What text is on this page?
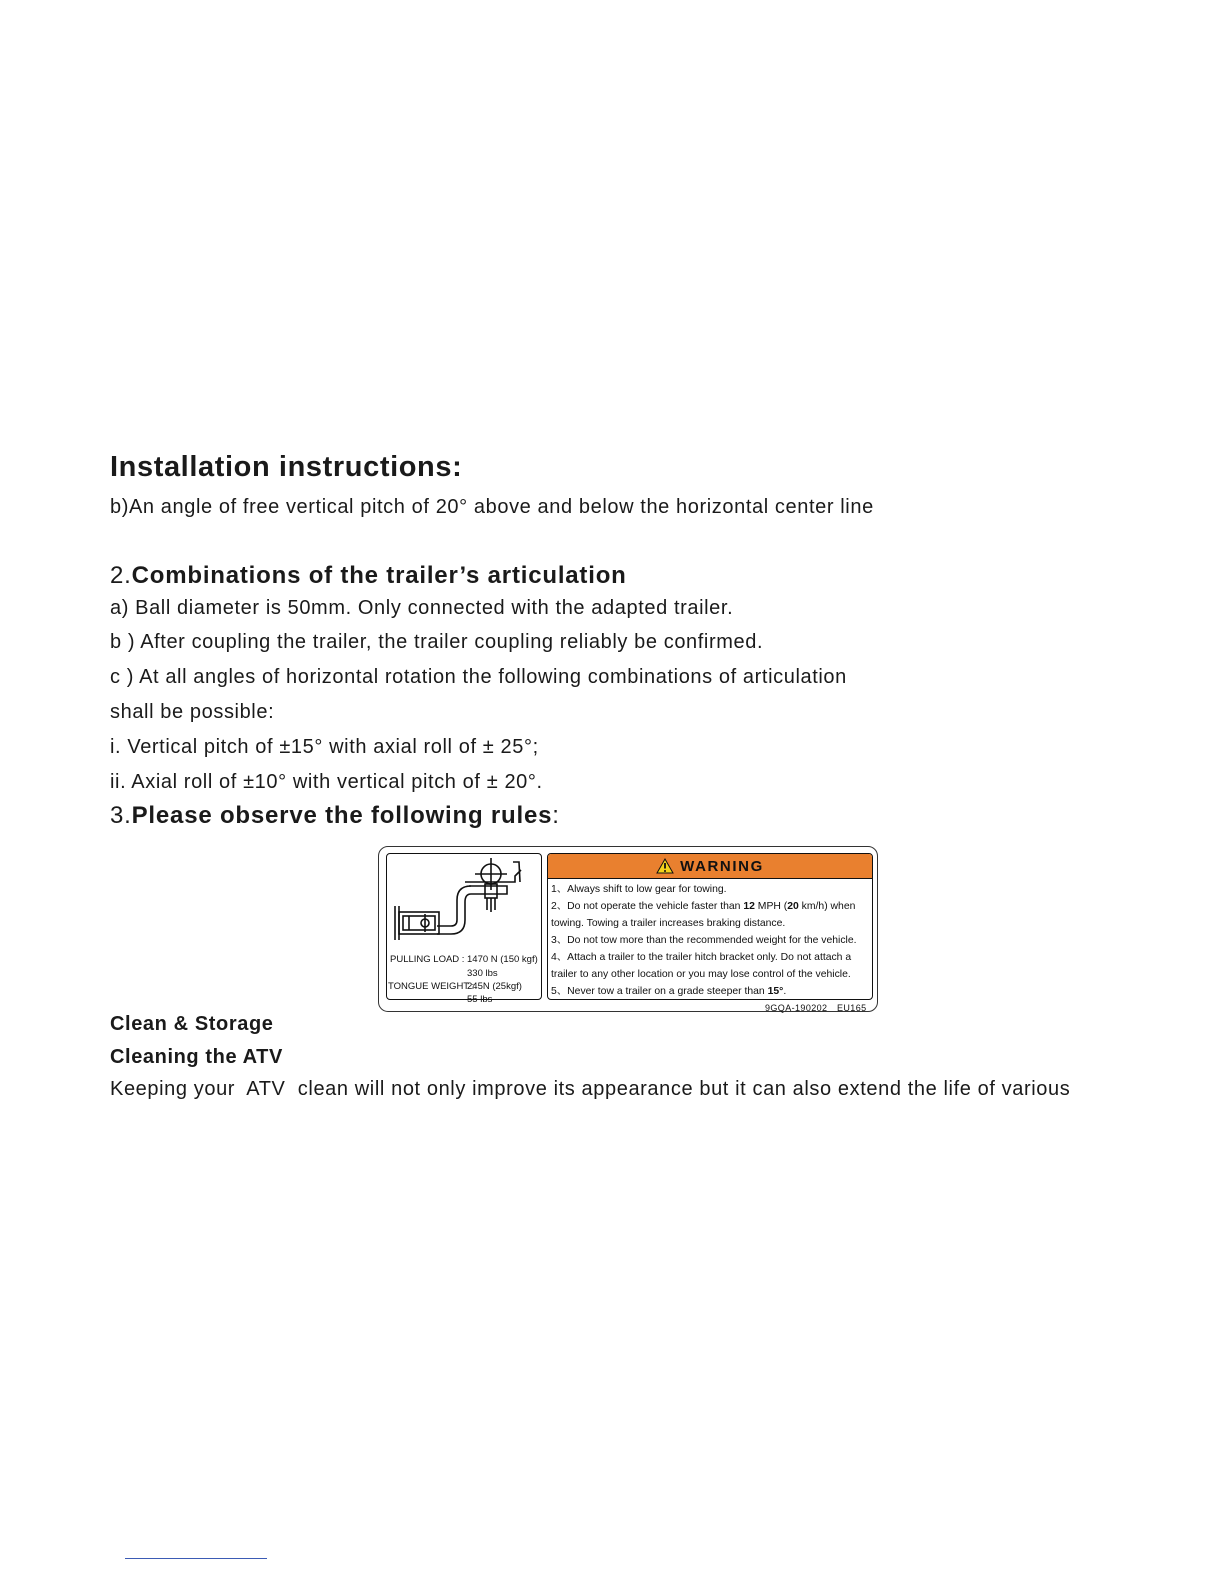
Installation instructions:
b)An angle of free vertical pitch of 20° above and below the horizontal center line
2.Combinations of the trailer’s articulation
a) Ball diameter is 50mm. Only connected with the adapted trailer.
b ) After coupling the trailer, the trailer coupling reliably be confirmed.
c ) At all angles of horizontal rotation the following combinations of articulation
shall be possible:
i. Vertical pitch of ±15° with axial roll of ± 25°;
ii. Axial roll of ±10° with vertical pitch of ± 20°.
3.Please observe the following rules:
PULLING LOAD : 1470 N (150 kgf)
330 lbs
TONGUE WEIGHT :
245N (25kgf)
55 lbs
WARNING
1、Always shift to low gear for towing.
2、Do not operate the vehicle faster than 12 MPH (20 km/h) when
towing. Towing a trailer increases braking distance.
3、Do not tow more than the recommended weight for the vehicle.
4、Attach a trailer to the trailer hitch bracket only. Do not attach a
trailer to any other location or you may lose control of the vehicle.
5、Never tow a trailer on a grade steeper than 15°.
9GQA-190202 EU165
Clean & Storage
Cleaning the ATV
Keeping your  ATV  clean will not only improve its appearance but it can also extend the life of various
